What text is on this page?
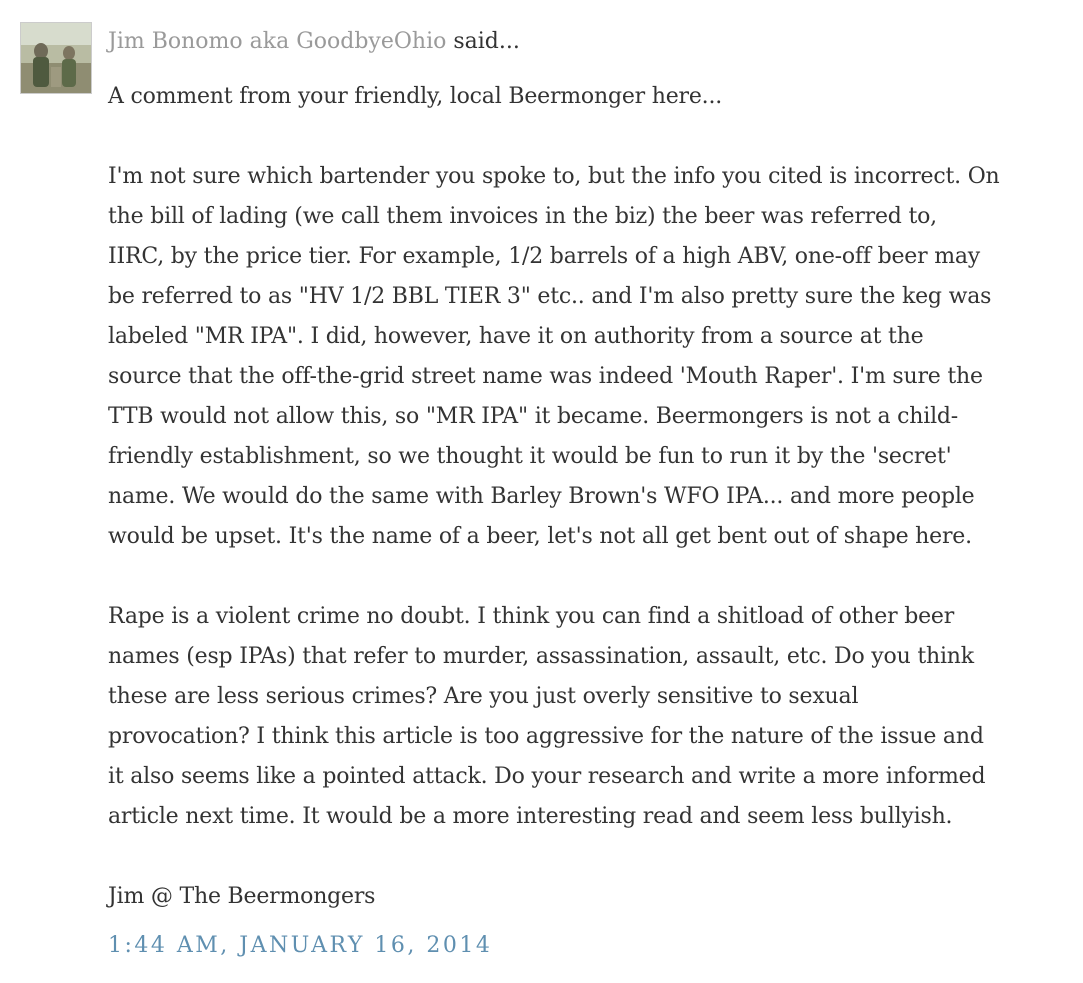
Jim Bonomo aka GoodbyeOhio said...

A comment from your friendly, local Beermonger here...

I'm not sure which bartender you spoke to, but the info you cited is incorrect. On

the bill of lading (we call them invoices in the biz) the beer was referred to,

IIRC, by the price tier. For example, 1/2 barrels of a high ABV, one-off beer may

be referred to as "HV 1/2 BBL TIER 3" etc.. and I'm also pretty sure the keg was

labeled "MR IPA". I did, however, have it on authority from a source at the

source that the off-the-grid street name was indeed 'Mouth Raper'. I'm sure the

TTB would not allow this, so "MR IPA" it became. Beermongers is not a child-

friendly establishment, so we thought it would be fun to run it by the 'secret'

name. We would do the same with Barley Brown's WFO IPA... and more people

would be upset. It's the name of a beer, let's not all get bent out of shape here.

Rape is a violent crime no doubt. I think you can find a shitload of other beer

names (esp IPAs) that refer to murder, assassination, assault, etc. Do you think

these are less serious crimes? Are you just overly sensitive to sexual

provocation? I think this article is too aggressive for the nature of the issue and

it also seems like a pointed attack. Do your research and write a more informed

article next time. It would be a more interesting read and seem less bullyish.

Jim @ The Beermongers

1:44 AM, JANUARY 16, 2014
